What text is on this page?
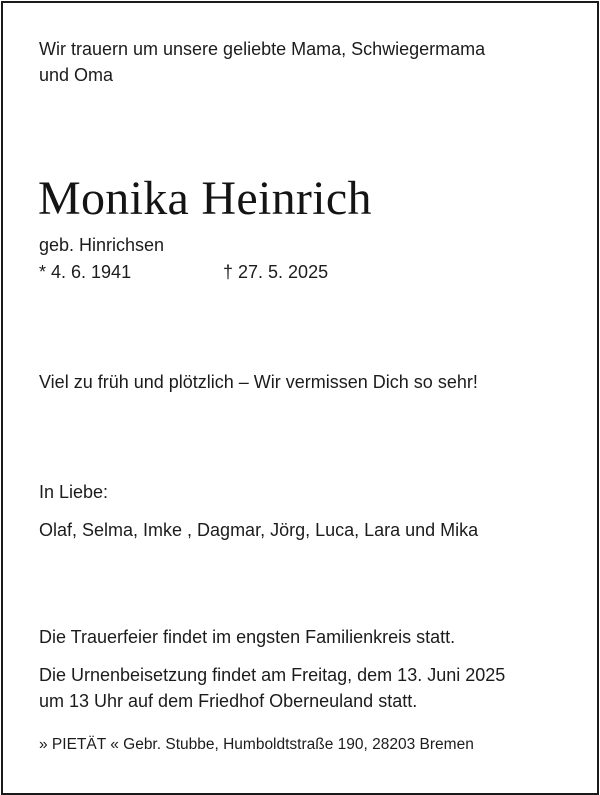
Wir trauern um unsere geliebte Mama, Schwiegermama
und Oma
Monika Heinrich
geb. Hinrichsen
* 4. 6. 1941	† 27. 5. 2025
Viel zu früh und plötzlich – Wir vermissen Dich so sehr!
In Liebe:
Olaf, Selma, Imke , Dagmar, Jörg, Luca, Lara und Mika
Die Trauerfeier findet im engsten Familienkreis statt.
Die Urnenbeisetzung findet am Freitag, dem 13. Juni 2025
um 13 Uhr auf dem Friedhof Oberneuland statt.
» PIETÄT « Gebr. Stubbe, Humboldtstraße 190, 28203 Bremen
